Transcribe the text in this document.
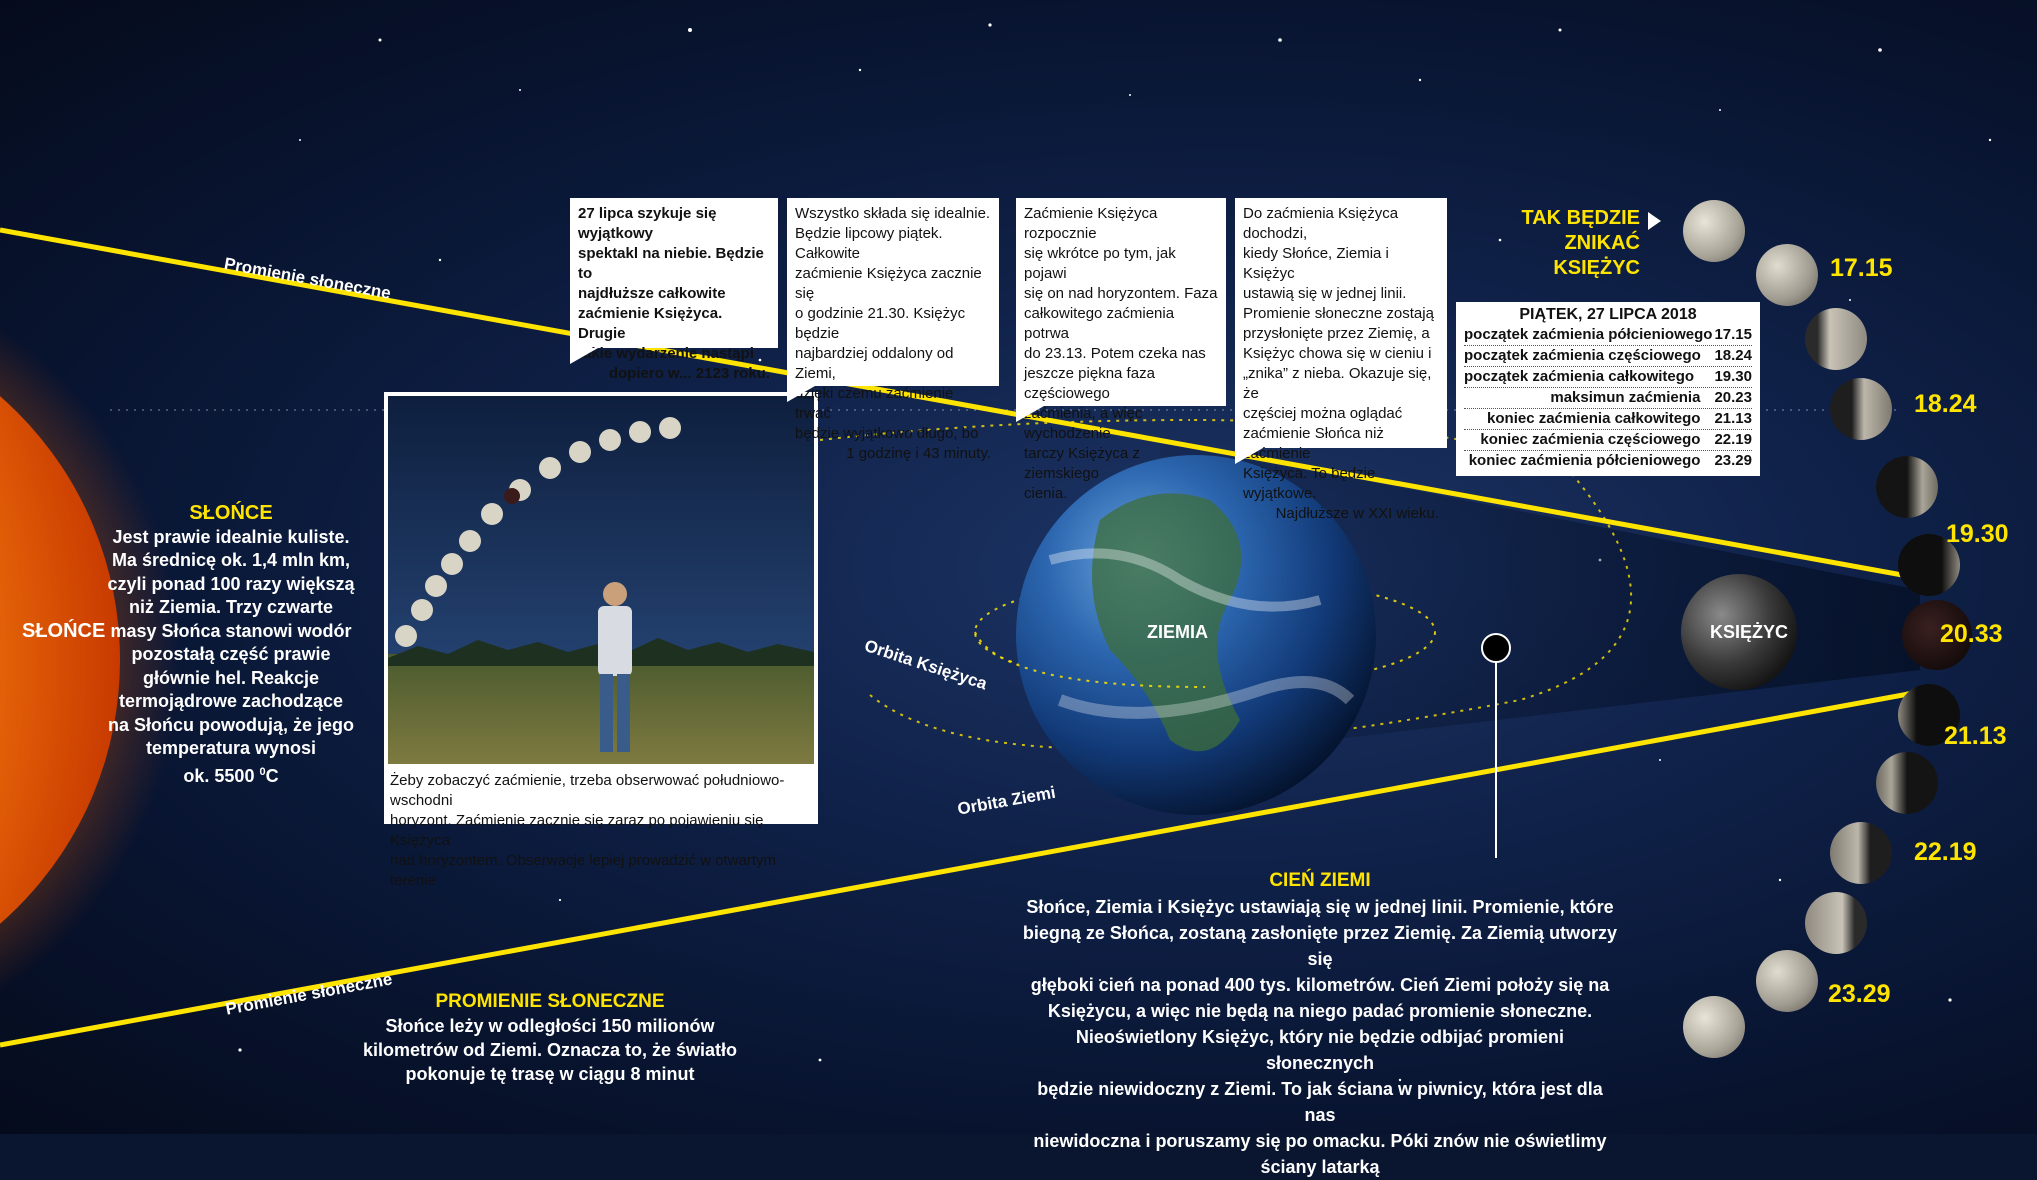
Żeby zobaczyć zaćmienie, trzeba obserwować południowo-wschodni
horyzont. Zaćmienie zacznie się zaraz po pojawieniu się Księżyca
nad horyzontem. Obserwacje lepiej prowadzić w otwartym terenie

27 lipca szykuje się wyjątkowy

spektakl na niebie. Będzie to

najdłuższe całkowite

zaćmienie Księżyca. Drugie

takie wydarzenie nastąpi

dopiero w... 2123 roku.

Wszystko składa się idealnie.

Będzie lipcowy piątek. Całkowite

zaćmienie Księżyca zacznie się

o godzinie 21.30. Księżyc będzie

najbardziej oddalony od Ziemi,

dzięki czemu zaćmienie trwać

będzie wyjątkowo długo, bo

1 godzinę i 43 minuty.

Zaćmienie Księżyca rozpocznie

się wkrótce po tym, jak pojawi

się on nad horyzontem. Faza

całkowitego zaćmienia potrwa

do 23.13. Potem czeka nas

jeszcze piękna faza częściowego

zaćmienia, a więc wychodzenie

tarczy Księżyca z ziemskiego

cienia.

Do zaćmienia Księżyca dochodzi,

kiedy Słońce, Ziemia i Księżyc

ustawią się w jednej linii.

Promienie słoneczne zostają

przysłonięte przez Ziemię, a

Księżyc chowa się w cieniu i

„znika” z nieba. Okazuje się, że

częściej można oglądać

zaćmienie Słońca niż zaćmienie

Księżyca. To będzie wyjątkowe.

Najdłuższe w XXI wieku.

PIĄTEK, 27 LIPCA 2018
początek zaćmienia półcieniowego 17.15
początek zaćmienia częściowego 18.24
początek zaćmienia całkowitego 19.30
maksimun zaćmienia 20.23
koniec zaćmienia całkowitego 21.13
koniec zaćmienia częściowego 22.19
koniec zaćmienia półcieniowego 23.29
TAK BĘDZIE
ZNIKAĆ KSIĘŻYC	17.15
18.24
19.30
20.33
21.13
22.19
23.29
SŁOŃCE
SŁOŃCE
Jest prawie idealnie kuliste.
Ma średnicę ok. 1,4 mln km,
czyli ponad 100 razy większą
niż Ziemia. Trzy czwarte
masy Słońca stanowi wodór
pozostałą część prawie
głównie hel. Reakcje
termojądrowe zachodzące
na Słońcu powodują, że jego
temperatura wynosi
ok. 5500 $^0$C
Promienie słoneczne
Promienie słoneczne	PROMIENIE SŁONECZNE
Słońce leży w odległości 150 milionów
kilometrów od Ziemi. Oznacza to, że światło
pokonuje tę trasę w ciągu 8 minut
ZIEMIA	KSIĘŻYC
Orbita Księżyca
Orbita Ziemi
CIEŃ ZIEMI
Słońce, Ziemia i Księżyc ustawiają się w jednej linii. Promienie, które
biegną ze Słońca, zostaną zasłonięte przez Ziemię. Za Ziemią utworzy się
głęboki cień na ponad 400 tys. kilometrów. Cień Ziemi położy się na
Księżycu, a więc nie będą na niego padać promienie słoneczne.
Nieoświetlony Księżyc, który nie będzie odbijać promieni słonecznych
będzie niewidoczny z Ziemi. To jak ściana w piwnicy, która jest dla nas
niewidoczna i poruszamy się po omacku. Póki znów nie oświetlimy
ściany latarką
